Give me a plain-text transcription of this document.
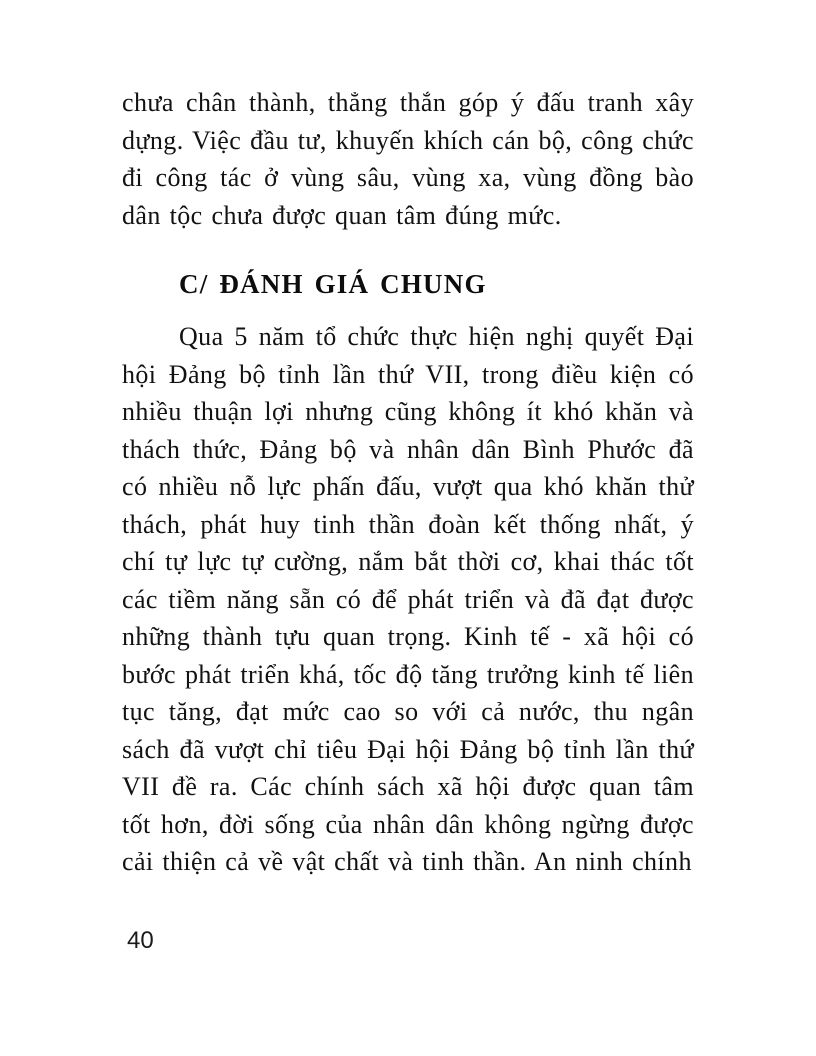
chưa chân thành, thẳng thắn góp ý đấu tranh xây dựng. Việc đầu tư, khuyến khích cán bộ, công chức đi công tác ở vùng sâu, vùng xa, vùng đồng bào dân tộc chưa được quan tâm đúng mức.

C/ ĐÁNH GIÁ CHUNG

Qua 5 năm tổ chức thực hiện nghị quyết Đại hội Đảng bộ tỉnh lần thứ VII, trong điều kiện có nhiều thuận lợi nhưng cũng không ít khó khăn và thách thức, Đảng bộ và nhân dân Bình Phước đã có nhiều nỗ lực phấn đấu, vượt qua khó khăn thử thách, phát huy tinh thần đoàn kết thống nhất, ý chí tự lực tự cường, nắm bắt thời cơ, khai thác tốt các tiềm năng sẵn có để phát triển và đã đạt được những thành tựu quan trọng. Kinh tế - xã hội có bước phát triển khá, tốc độ tăng trưởng kinh tế liên tục tăng, đạt mức cao so với cả nước, thu ngân sách đã vượt chỉ tiêu Đại hội Đảng bộ tỉnh lần thứ VII đề ra. Các chính sách xã hội được quan tâm tốt hơn, đời sống của nhân dân không ngừng được cải thiện cả về vật chất và tinh thần. An ninh chính

40
